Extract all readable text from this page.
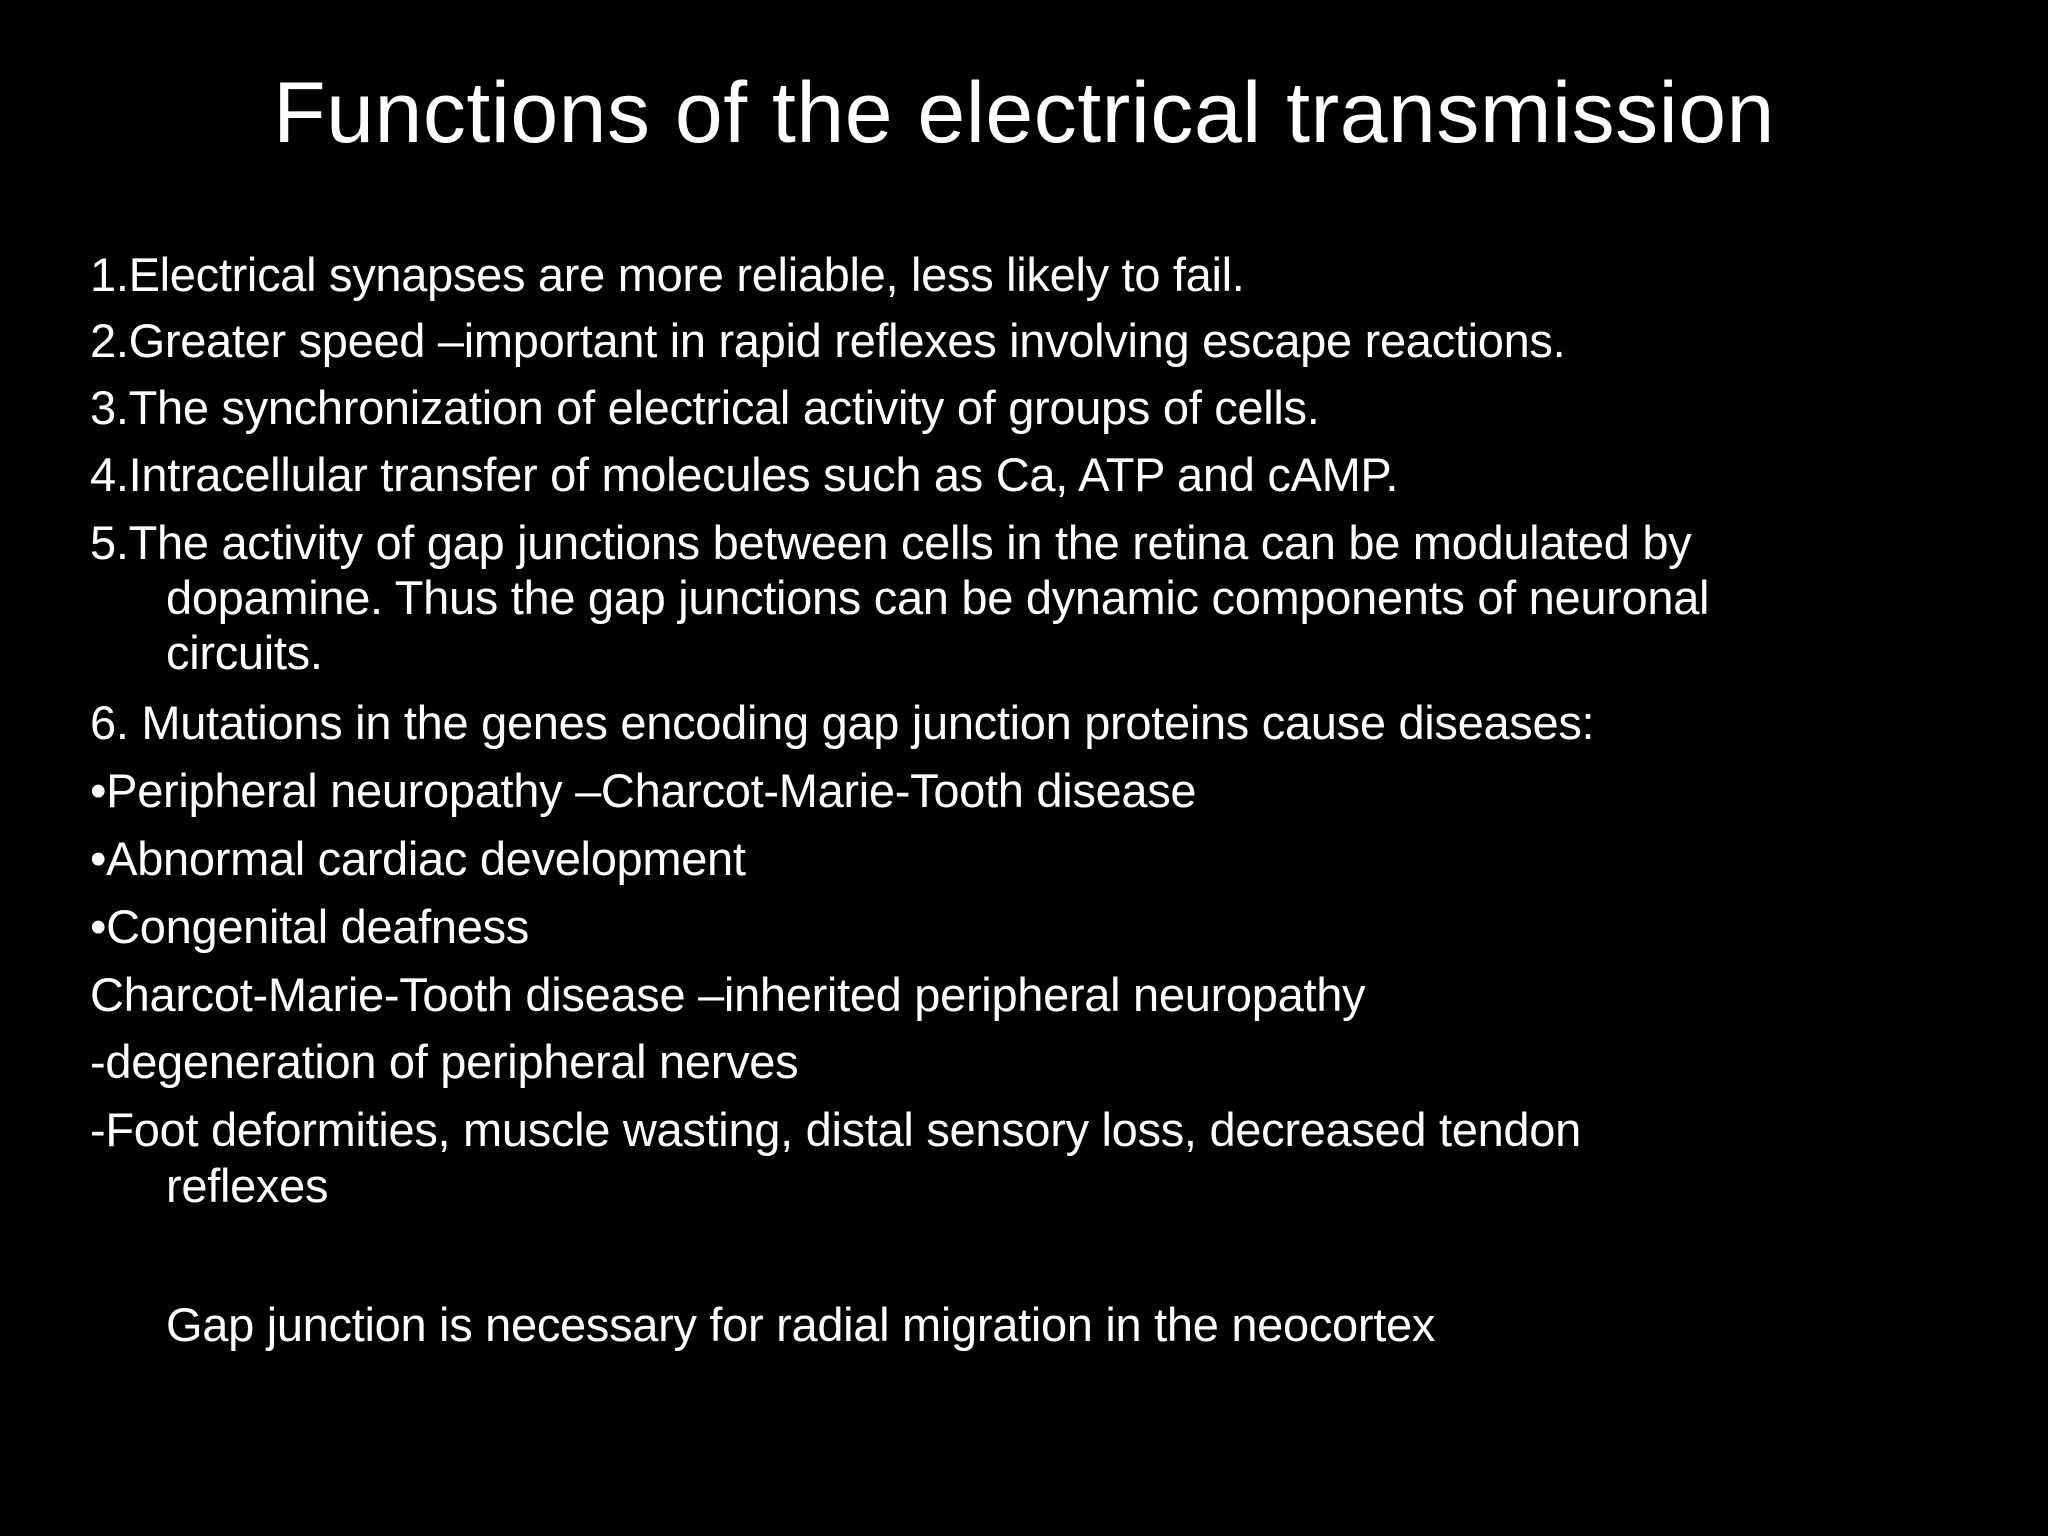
Functions of the electrical transmission
1.Electrical synapses are more reliable, less likely to fail.
2.Greater speed –important in rapid reflexes involving escape reactions.
3.The synchronization of electrical activity of groups of cells.
4.Intracellular transfer of molecules such as Ca, ATP and cAMP.
5.The activity of gap junctions between cells in the retina can be modulated by
dopamine. Thus the gap junctions can be dynamic components of neuronal
circuits.
6. Mutations in the genes encoding gap junction proteins cause diseases:
•Peripheral neuropathy –Charcot-Marie-Tooth disease
•Abnormal cardiac development
•Congenital deafness
Charcot-Marie-Tooth disease –inherited peripheral neuropathy
-degeneration of peripheral nerves
-Foot deformities, muscle wasting, distal sensory loss, decreased tendon
reflexes
Gap junction is necessary for radial migration in the neocortex
